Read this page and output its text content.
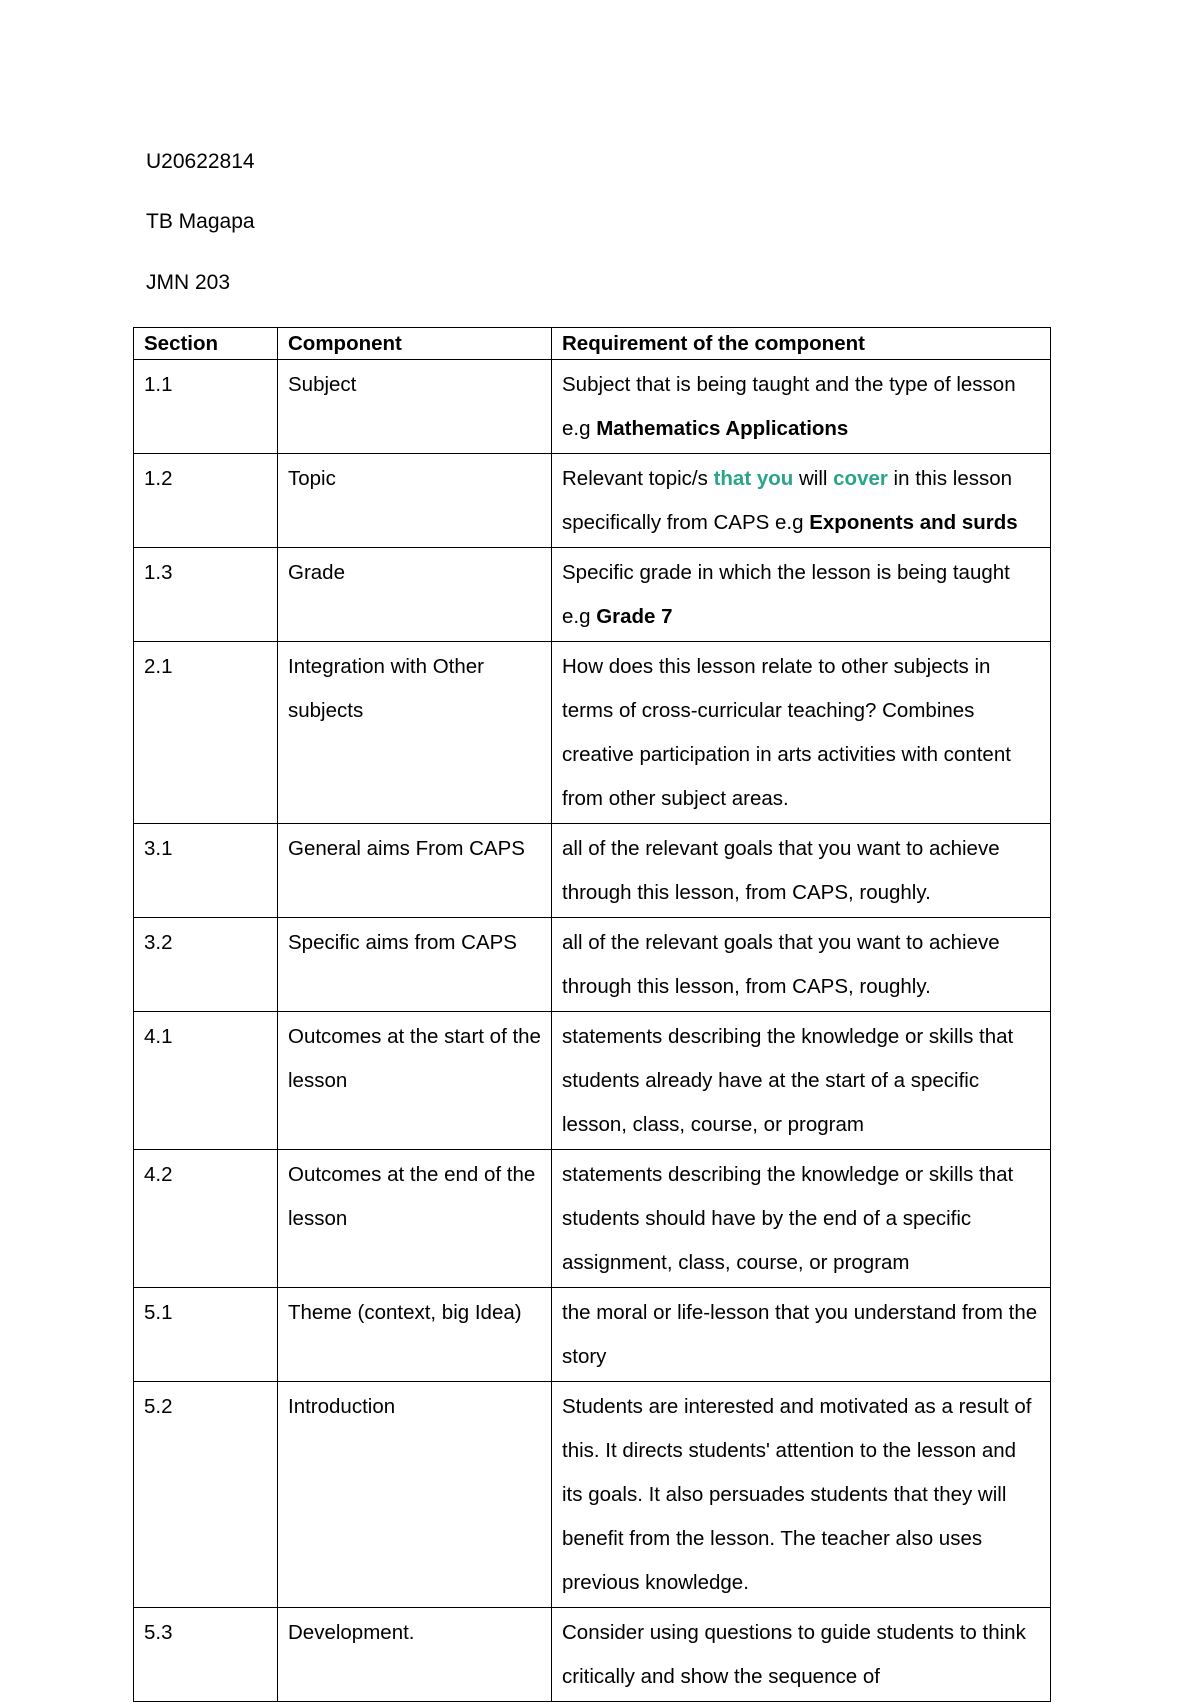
U20622814
TB Magapa
JMN 203
Section	Component	Requirement of the component
1.1	Subject	Subject that is being taught and the type of lesson e.g Mathematics Applications
1.2	Topic	Relevant topic/s that you will cover in this lesson specifically from CAPS e.g Exponents and surds
1.3	Grade	Specific grade in which the lesson is being taught e.g Grade 7
2.1	Integration with Other subjects	How does this lesson relate to other subjects in terms of cross-curricular teaching? Combines creative participation in arts activities with content from other subject areas.
3.1	General aims From CAPS	all of the relevant goals that you want to achieve through this lesson, from CAPS, roughly.
3.2	Specific aims from CAPS	all of the relevant goals that you want to achieve through this lesson, from CAPS, roughly.
4.1	Outcomes at the start of the lesson	statements describing the knowledge or skills that students already have at the start of a specific lesson, class, course, or program
4.2	Outcomes at the end of the lesson	statements describing the knowledge or skills that students should have by the end of a specific assignment, class, course, or program
5.1	Theme (context, big Idea)	the moral or life-lesson that you understand from the story
5.2	Introduction	Students are interested and motivated as a result of this. It directs students' attention to the lesson and its goals. It also persuades students that they will benefit from the lesson. The teacher also uses previous knowledge.
5.3	Development.	Consider using questions to guide students to think critically and show the sequence of
